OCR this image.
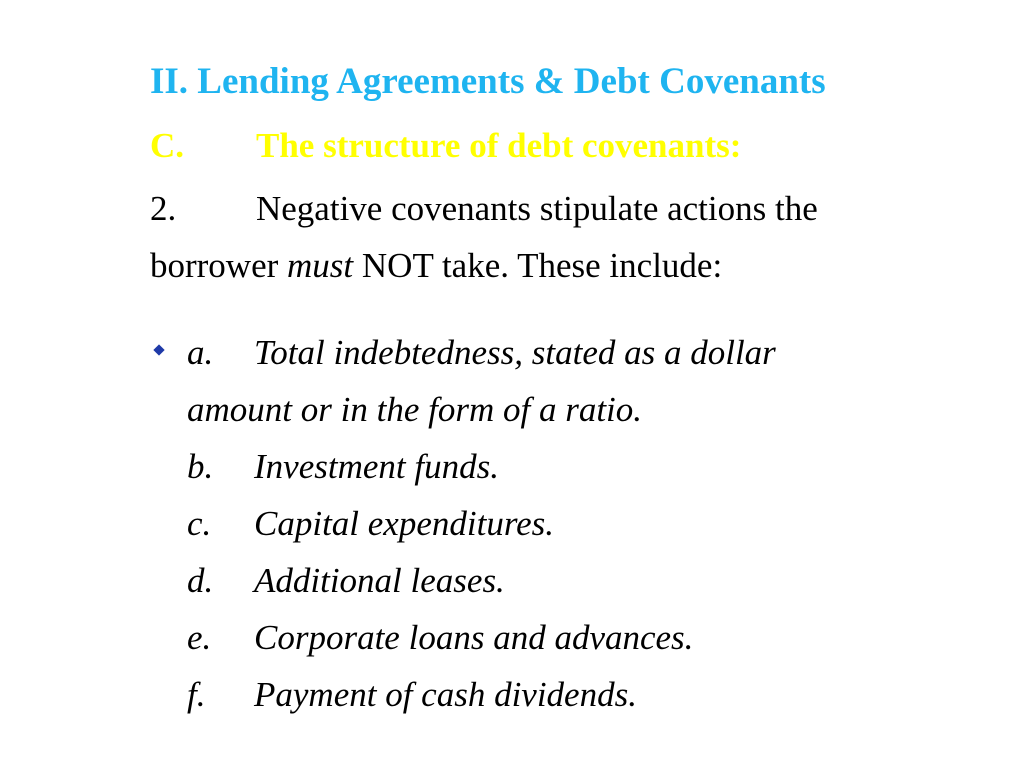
II. Lending Agreements & Debt Covenants
C. The structure of debt covenants:
2. Negative covenants stipulate actions the
borrower must NOT take. These include:
a. Total indebtedness, stated as a dollar
amount or in the form of a ratio.
b. Investment funds.
c. Capital expenditures.
d. Additional leases.
e. Corporate loans and advances.
f. Payment of cash dividends.
